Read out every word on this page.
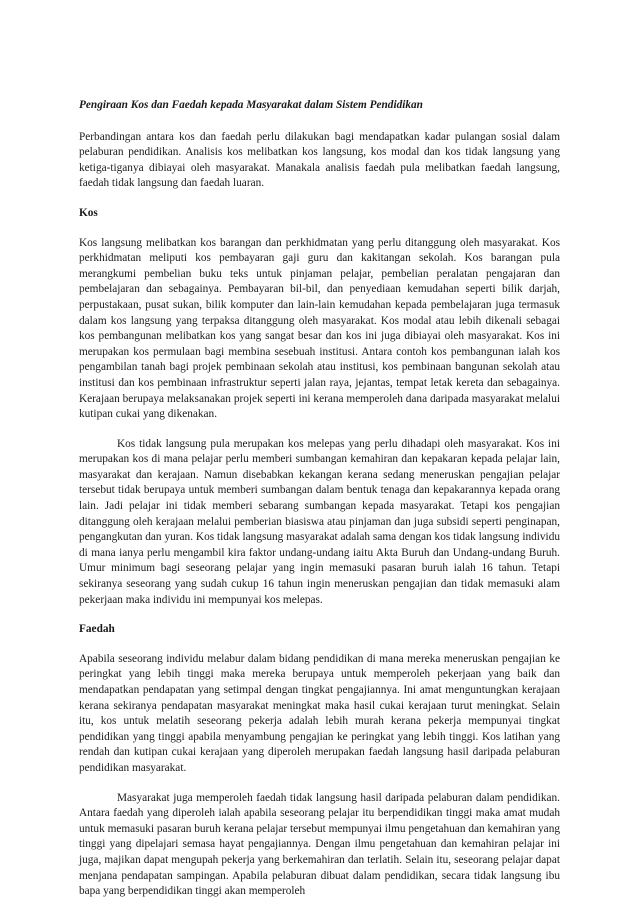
Pengiraan Kos dan Faedah kepada Masyarakat dalam Sistem Pendidikan

Perbandingan antara kos dan faedah perlu dilakukan bagi mendapatkan kadar pulangan sosial dalam pelaburan pendidikan. Analisis kos melibatkan kos langsung, kos modal dan kos tidak langsung yang ketiga-tiganya dibiayai oleh masyarakat. Manakala analisis faedah pula melibatkan faedah langsung, faedah tidak langsung dan faedah luaran.

Kos

Kos langsung melibatkan kos barangan dan perkhidmatan yang perlu ditanggung oleh masyarakat. Kos perkhidmatan meliputi kos pembayaran gaji guru dan kakitangan sekolah. Kos barangan pula merangkumi pembelian buku teks untuk pinjaman pelajar, pembelian peralatan pengajaran dan pembelajaran dan sebagainya. Pembayaran bil-bil, dan penyediaan kemudahan seperti bilik darjah, perpustakaan, pusat sukan, bilik komputer dan lain-lain kemudahan kepada pembelajaran juga termasuk dalam kos langsung yang terpaksa ditanggung oleh masyarakat. Kos modal atau lebih dikenali sebagai kos pembangunan melibatkan kos yang sangat besar dan kos ini juga dibiayai oleh masyarakat. Kos ini merupakan kos permulaan bagi membina sesebuah institusi. Antara contoh kos pembangunan ialah kos pengambilan tanah bagi projek pembinaan sekolah atau institusi, kos pembinaan bangunan sekolah atau institusi dan kos pembinaan infrastruktur seperti jalan raya, jejantas, tempat letak kereta dan sebagainya. Kerajaan berupaya melaksanakan projek seperti ini kerana memperoleh dana daripada masyarakat melalui kutipan cukai yang dikenakan.

Kos tidak langsung pula merupakan kos melepas yang perlu dihadapi oleh masyarakat. Kos ini merupakan kos di mana pelajar perlu memberi sumbangan kemahiran dan kepakaran kepada pelajar lain, masyarakat dan kerajaan. Namun disebabkan kekangan kerana sedang meneruskan pengajian pelajar tersebut tidak berupaya untuk memberi sumbangan dalam bentuk tenaga dan kepakarannya kepada orang lain. Jadi pelajar ini tidak memberi sebarang sumbangan kepada masyarakat. Tetapi kos pengajian ditanggung oleh kerajaan melalui pemberian biasiswa atau pinjaman dan juga subsidi seperti penginapan, pengangkutan dan yuran. Kos tidak langsung masyarakat adalah sama dengan kos tidak langsung individu di mana ianya perlu mengambil kira faktor undang-undang iaitu Akta Buruh dan Undang-undang Buruh. Umur minimum bagi seseorang pelajar yang ingin memasuki pasaran buruh ialah 16 tahun. Tetapi sekiranya seseorang yang sudah cukup 16 tahun ingin meneruskan pengajian dan tidak memasuki alam pekerjaan maka individu ini mempunyai kos melepas.

Faedah

Apabila seseorang individu melabur dalam bidang pendidikan di mana mereka meneruskan pengajian ke peringkat yang lebih tinggi maka mereka berupaya untuk memperoleh pekerjaan yang baik dan mendapatkan pendapatan yang setimpal dengan tingkat pengajiannya. Ini amat menguntungkan kerajaan kerana sekiranya pendapatan masyarakat meningkat maka hasil cukai kerajaan turut meningkat. Selain itu, kos untuk melatih seseorang pekerja adalah lebih murah kerana pekerja mempunyai tingkat pendidikan yang tinggi apabila menyambung pengajian ke peringkat yang lebih tinggi. Kos latihan yang rendah dan kutipan cukai kerajaan yang diperoleh merupakan faedah langsung hasil daripada pelaburan pendidikan masyarakat.

Masyarakat juga memperoleh faedah tidak langsung hasil daripada pelaburan dalam pendidikan. Antara faedah yang diperoleh ialah apabila seseorang pelajar itu berpendidikan tinggi maka amat mudah untuk memasuki pasaran buruh kerana pelajar tersebut mempunyai ilmu pengetahuan dan kemahiran yang tinggi yang dipelajari semasa hayat pengajiannya. Dengan ilmu pengetahuan dan kemahiran pelajar ini juga, majikan dapat mengupah pekerja yang berkemahiran dan terlatih. Selain itu, seseorang pelajar dapat menjana pendapatan sampingan. Apabila pelaburan dibuat dalam pendidikan, secara tidak langsung ibu bapa yang berpendidikan tinggi akan memperoleh
